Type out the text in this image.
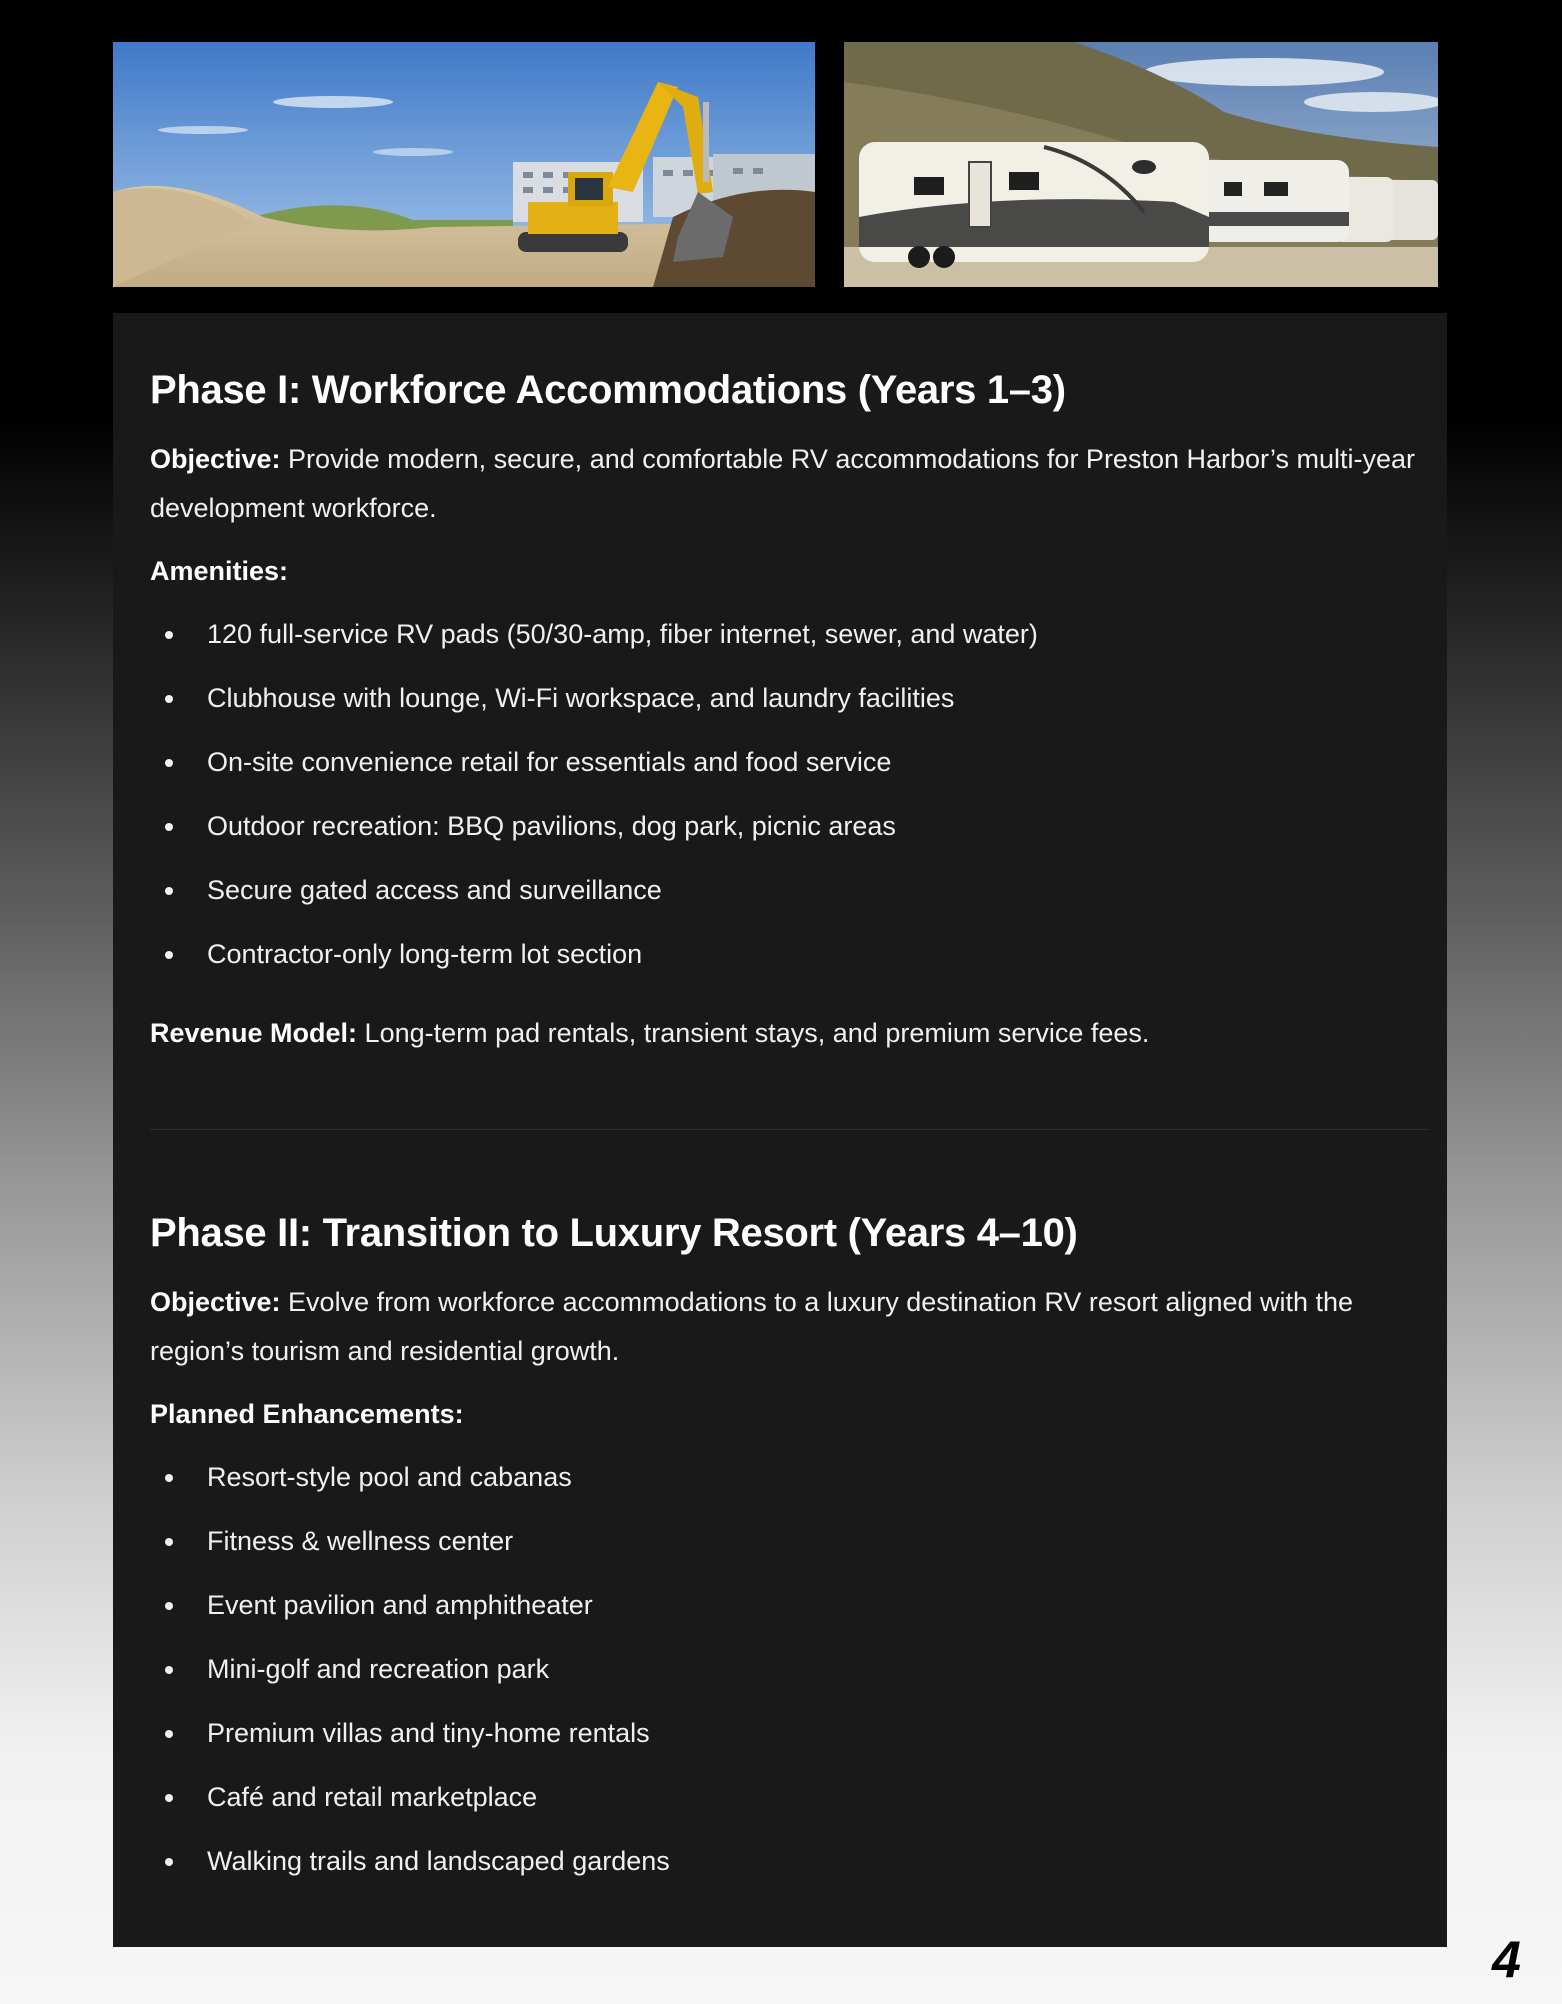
Phase I: Workforce Accommodations (Years 1–3)

Objective: Provide modern, secure, and comfortable RV accommodations for Preston Harbor’s multi-year development workforce.

Amenities:

120 full-service RV pads (50/30-amp, fiber internet, sewer, and water)
Clubhouse with lounge, Wi-Fi workspace, and laundry facilities
On-site convenience retail for essentials and food service
Outdoor recreation: BBQ pavilions, dog park, picnic areas
Secure gated access and surveillance
Contractor-only long-term lot section

Revenue Model: Long-term pad rentals, transient stays, and premium service fees.

Phase II: Transition to Luxury Resort (Years 4–10)

Objective: Evolve from workforce accommodations to a luxury destination RV resort aligned with the region’s tourism and residential growth.

Planned Enhancements:

Resort-style pool and cabanas
Fitness & wellness center
Event pavilion and amphitheater
Mini-golf and recreation park
Premium villas and tiny-home rentals
Café and retail marketplace
Walking trails and landscaped gardens
4
